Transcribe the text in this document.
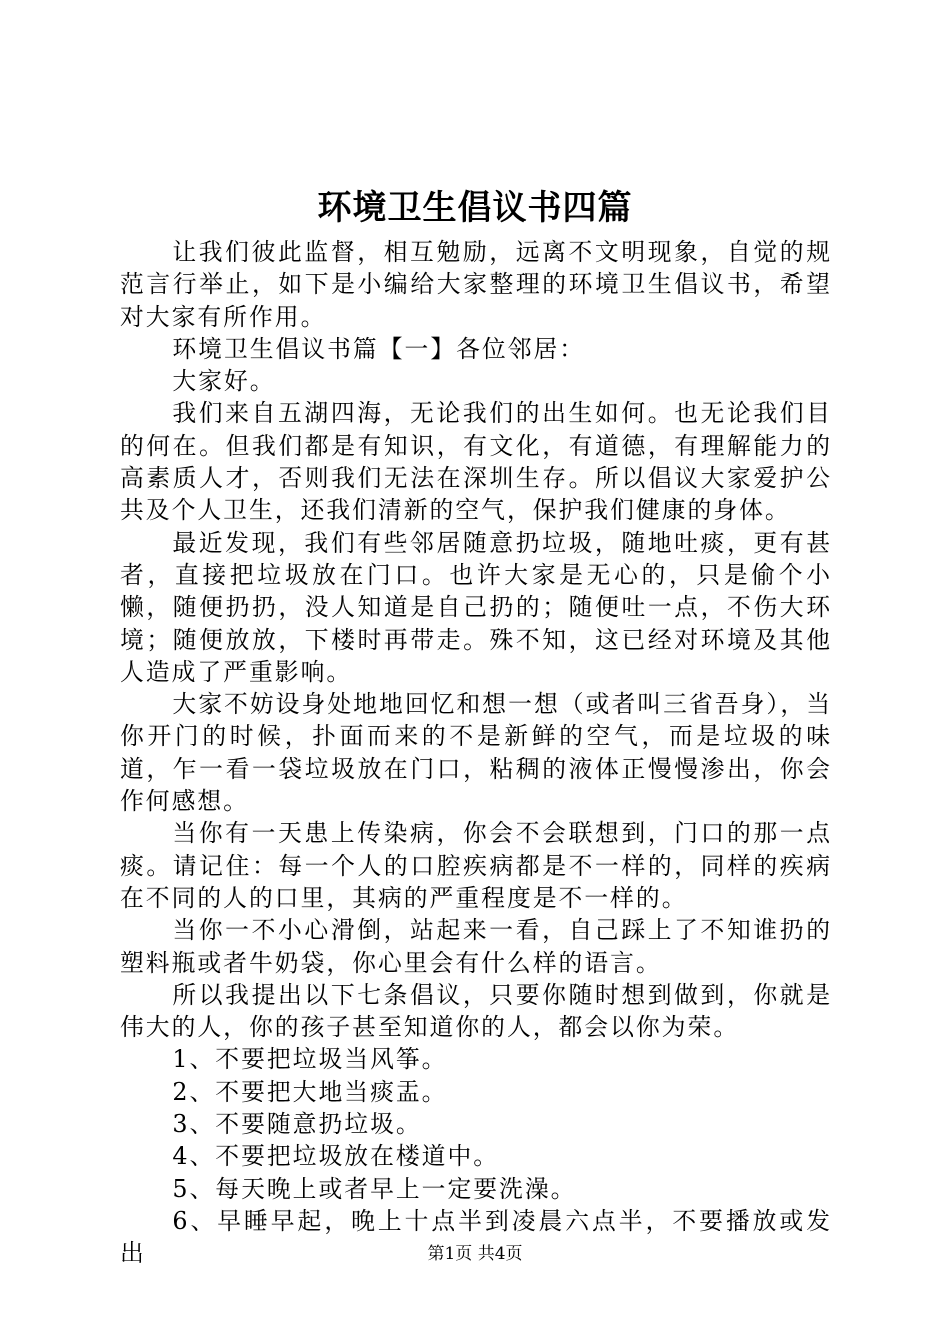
环境卫生倡议书四篇

让我们彼此监督，相互勉励，远离不文明现象，自觉的规范言行举止，如下是小编给大家整理的环境卫生倡议书，希望对大家有所作用。

环境卫生倡议书篇【一】各位邻居：

大家好。

我们来自五湖四海，无论我们的出生如何。也无论我们目的何在。但我们都是有知识，有文化，有道德，有理解能力的高素质人才，否则我们无法在深圳生存。所以倡议大家爱护公共及个人卫生，还我们清新的空气，保护我们健康的身体。

最近发现，我们有些邻居随意扔垃圾，随地吐痰，更有甚者，直接把垃圾放在门口。也许大家是无心的，只是偷个小懒，随便扔扔，没人知道是自己扔的；随便吐一点，不伤大环境；随便放放，下楼时再带走。殊不知，这已经对环境及其他人造成了严重影响。

大家不妨设身处地地回忆和想一想（或者叫三省吾身），当你开门的时候，扑面而来的不是新鲜的空气，而是垃圾的味道，乍一看一袋垃圾放在门口，粘稠的液体正慢慢渗出，你会作何感想。

当你有一天患上传染病，你会不会联想到，门口的那一点痰。请记住：每一个人的口腔疾病都是不一样的，同样的疾病在不同的人的口里，其病的严重程度是不一样的。

当你一不小心滑倒，站起来一看，自己踩上了不知谁扔的塑料瓶或者牛奶袋，你心里会有什么样的语言。

所以我提出以下七条倡议，只要你随时想到做到，你就是伟大的人，你的孩子甚至知道你的人，都会以你为荣。

1、不要把垃圾当风筝。

2、不要把大地当痰盂。

3、不要随意扔垃圾。

4、不要把垃圾放在楼道中。

5、每天晚上或者早上一定要洗澡。

6、早睡早起，晚上十点半到凌晨六点半，不要播放或发出	第1页 共4页
